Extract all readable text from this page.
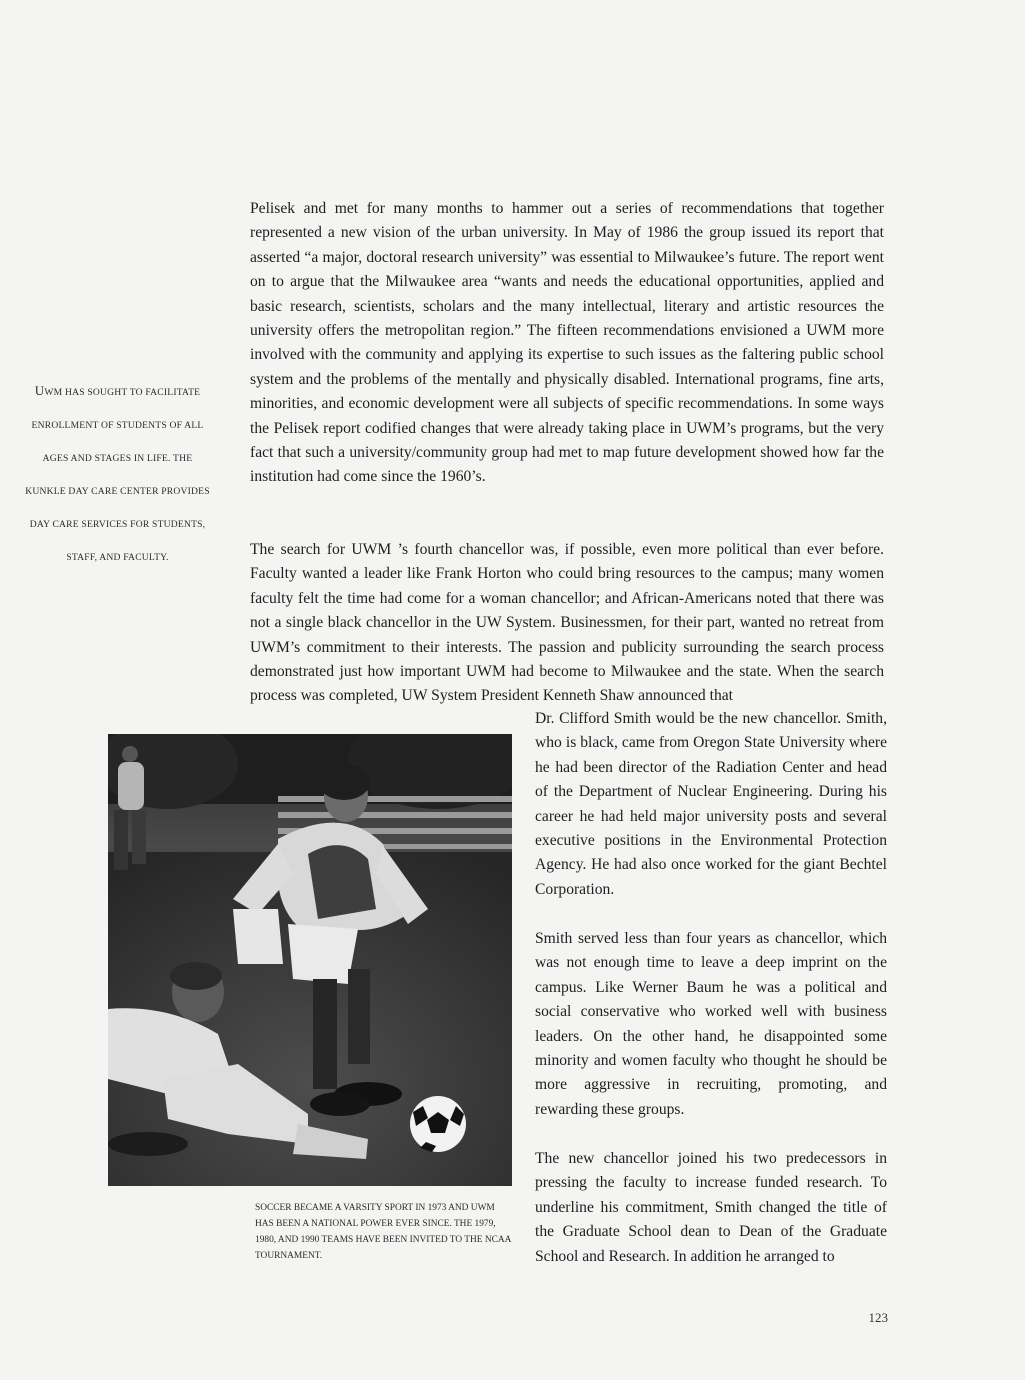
Pelisek and met for many months to hammer out a series of recommendations that together represented a new vision of the urban university. In May of 1986 the group issued its report that asserted “a major, doctoral research university” was essential to Milwaukee’s future. The report went on to argue that the Milwaukee area “wants and needs the educational opportunities, applied and basic research, scientists, scholars and the many intellectual, literary and artistic resources the university offers the metropolitan region.” The fifteen recommendations envisioned a UWM more involved with the community and applying its expertise to such issues as the faltering public school system and the problems of the mentally and physically disabled. International programs, fine arts, minorities, and economic development were all subjects of specific recommendations. In some ways the Pelisek report codified changes that were already taking place in UWM’s programs, but the very fact that such a university/community group had met to map future development showed how far the institution had come since the 1960’s.

UWM HAS SOUGHT TO FACILITATE ENROLLMENT OF STUDENTS OF ALL AGES AND STAGES IN LIFE. THE KUNKLE DAY CARE CENTER PROVIDES DAY CARE SERVICES FOR STUDENTS, STAFF, AND FACULTY.	The search for UWM ’s fourth chancellor was, if possible, even more political than ever before. Faculty wanted a leader like Frank Horton who could bring resources to the campus; many women faculty felt the time had come for a woman chancellor; and African-Americans noted that there was not a single black chancellor in the UW System. Businessmen, for their part, wanted no retreat from UWM’s commitment to their interests. The passion and publicity surrounding the search process demonstrated just how important UWM had become to Milwaukee and the state. When the search process was completed, UW System President Kenneth Shaw announced that

Dr. Clifford Smith would be the new chancellor. Smith, who is black, came from Oregon State University where he had been director of the Radiation Center and head of the Department of Nuclear Engineering. During his career he had held major university posts and several executive positions in the Environmental Protection Agency. He had also once worked for the giant Bechtel Corporation.

Smith served less than four years as chancellor, which was not enough time to leave a deep imprint on the campus. Like Werner Baum he was a political and social conservative who worked well with business leaders. On the other hand, he disappointed some minority and women faculty who thought he should be more aggressive in recruiting, promoting, and rewarding these groups.

SOCCER BECAME A VARSITY SPORT IN 1973 AND UWM HAS BEEN A NATIONAL POWER EVER SINCE. THE 1979, 1980, AND 1990 TEAMS HAVE BEEN INVITED TO THE NCAA TOURNAMENT.

The new chancellor joined his two predecessors in pressing the faculty to increase funded research. To underline his commitment, Smith changed the title of the Graduate School dean to Dean of the Graduate School and Research. In addition he arranged to

123
